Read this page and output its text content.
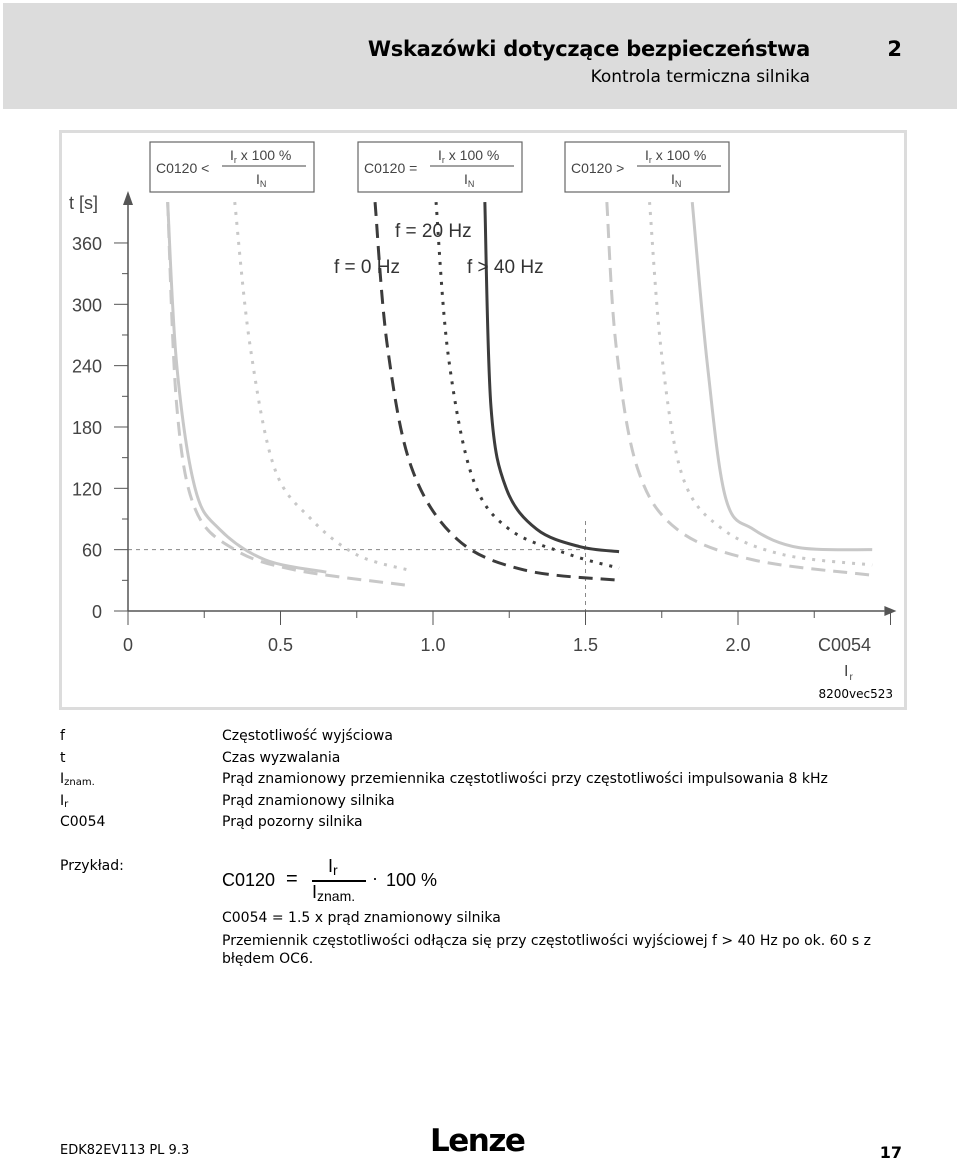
Wskazówki dotyczące bezpieczeństwa	2
Kontrola termiczna silnika
0
60
120
180
240
300
360
0	0.5	1.0	1.5	2.0
t [s]
C0054
$I_r$
8200vec523
C0120 <
$I_r$ x 100 %
$I_N$
C0120 =
$I_r$ x 100 %
$I_N$
C0120 >
$I_r$ x 100 %
$I_N$
f = 20 Hz
f = 0 Hz	f > 40 Hz
f	Częstotliwość wyjściowa
t	Czas wyzwalania
$I_{znam.}$	Prąd znamionowy przemiennika częstotliwości przy częstotliwości impulsowania 8 kHz
$I_r$	Prąd znamionowy silnika
C0054	Prąd pozorny silnika
Przykład:
C0120 =
$I_r$
$I_{znam.}$
· 100 %
C0054 = 1.5 x prąd znamionowy silnika
Przemiennik częstotliwości odłącza się przy częstotliwości wyjściowej f > 40 Hz po ok. 60 s z błędem OC6.
EDK82EV113 PL 9.3	Lenze	17
